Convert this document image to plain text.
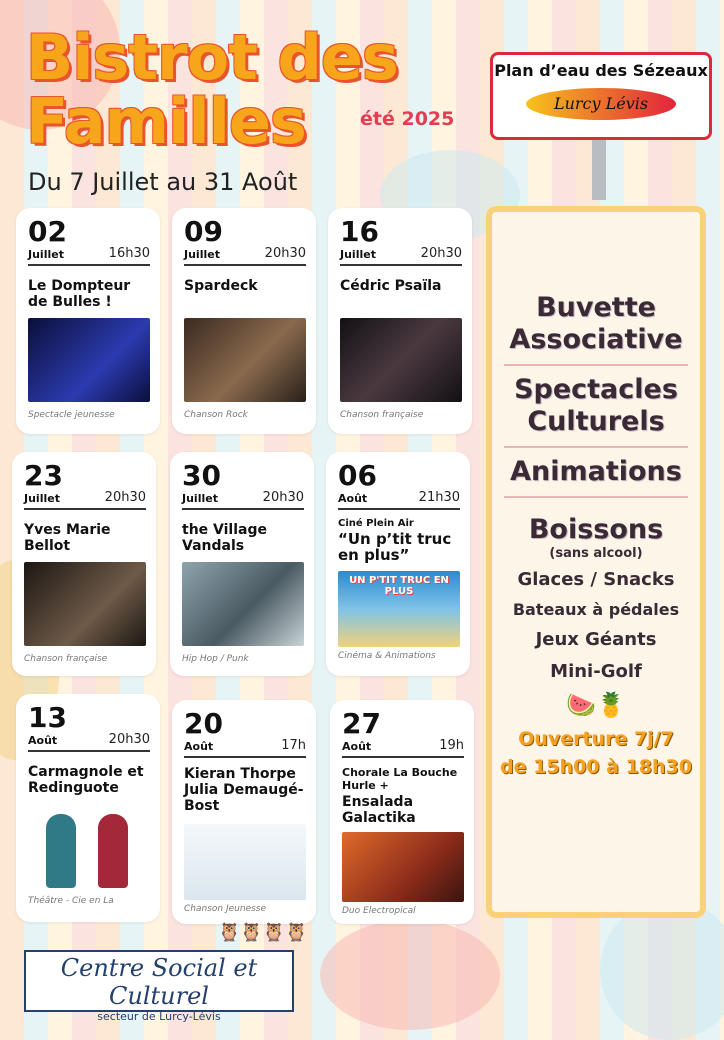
Bistrot des
Familles	été 2025
Du 7 Juillet au 31 Août
Plan d’eau des Sézeaux
Lurcy Lévis
02
Juillet	16h30
Le Dompteur de Bulles !
Spectacle jeunesse
09
Juillet	20h30
Spardeck
Chanson Rock
16
Juillet	20h30
Cédric Psaïla
Chanson française
23
Juillet	20h30
Yves Marie Bellot
Chanson française
30
Juillet	20h30
the Village Vandals
Hip Hop / Punk
06
Août	21h30
Ciné Plein Air
“Un p’tit truc en plus”
UN P'TIT TRUC EN PLUS
Cinéma & Animations
13
Août	20h30
Carmagnole et Redinguote
Théâtre - Cie en La
20
Août	17h
Kieran Thorpe Julia Demaugé-Bost
Chanson Jeunesse
27
Août	19h
Chorale La Bouche Hurle +
Ensalada Galactika
Duo Electropical
Buvette
Associative
Spectacles
Culturels
Animations
Boissons
(sans alcool)
Glaces / Snacks
Bateaux à pédales
Jeux Géants
Mini-Golf
🍉🍍
Ouverture 7j/7
de 15h00 à 18h30
🦉🦉🦉🦉
Centre Social et Culturel
secteur de Lurcy-Lévis
